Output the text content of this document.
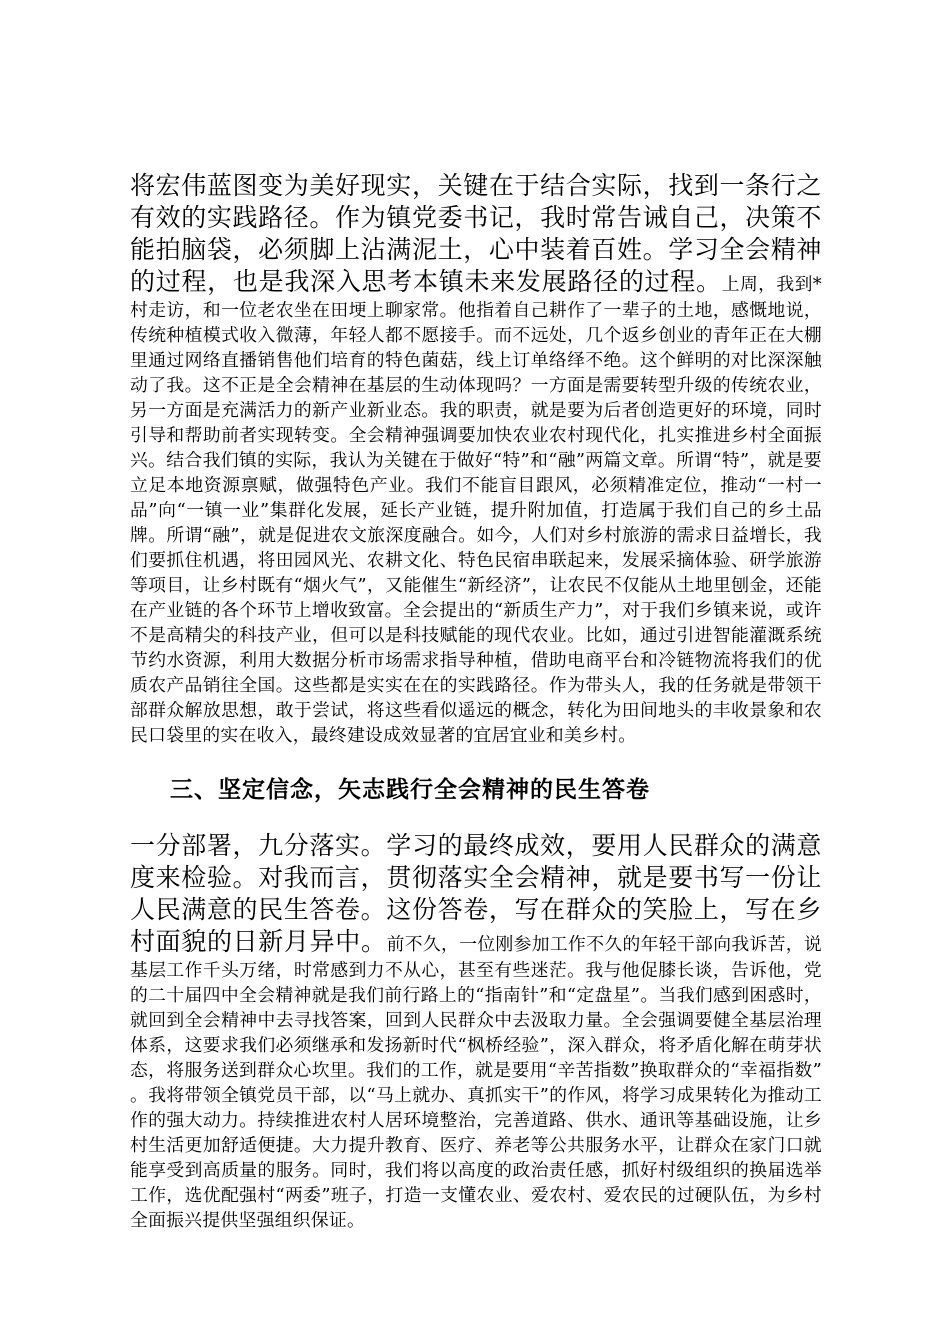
将宏伟蓝图变为美好现实，关键在于结合实际，找到一条行之有效的实践路径。作为镇党委书记，我时常告诫自己，决策不能拍脑袋，必须脚上沾满泥土，心中装着百姓。学习全会精神的过程，也是我深入思考本镇未来发展路径的过程。上周，我到*村走访，和一位老农坐在田埂上聊家常。他指着自己耕作了一辈子的土地，感慨地说，传统种植模式收入微薄，年轻人都不愿接手。而不远处，几个返乡创业的青年正在大棚里通过网络直播销售他们培育的特色菌菇，线上订单络绎不绝。这个鲜明的对比深深触动了我。这不正是全会精神在基层的生动体现吗？一方面是需要转型升级的传统农业，另一方面是充满活力的新产业新业态。我的职责，就是要为后者创造更好的环境，同时引导和帮助前者实现转变。全会精神强调要加快农业农村现代化，扎实推进乡村全面振兴。结合我们镇的实际，我认为关键在于做好“特”和“融”两篇文章。所谓“特”，就是要立足本地资源禀赋，做强特色产业。我们不能盲目跟风，必须精准定位，推动“一村一品”向“一镇一业”集群化发展，延长产业链，提升附加值，打造属于我们自己的乡土品牌。所谓“融”，就是促进农文旅深度融合。如今，人们对乡村旅游的需求日益增长，我们要抓住机遇，将田园风光、农耕文化、特色民宿串联起来，发展采摘体验、研学旅游等项目，让乡村既有“烟火气”，又能催生“新经济”，让农民不仅能从土地里刨金，还能在产业链的各个环节上增收致富。全会提出的“新质生产力”，对于我们乡镇来说，或许不是高精尖的科技产业，但可以是科技赋能的现代农业。比如，通过引进智能灌溉系统节约水资源，利用大数据分析市场需求指导种植，借助电商平台和冷链物流将我们的优质农产品销往全国。这些都是实实在在的实践路径。作为带头人，我的任务就是带领干部群众解放思想，敢于尝试，将这些看似遥远的概念，转化为田间地头的丰收景象和农民口袋里的实在收入，最终建设成效显著的宜居宜业和美乡村。

三、坚定信念，矢志践行全会精神的民生答卷

一分部署，九分落实。学习的最终成效，要用人民群众的满意度来检验。对我而言，贯彻落实全会精神，就是要书写一份让人民满意的民生答卷。这份答卷，写在群众的笑脸上，写在乡村面貌的日新月异中。前不久，一位刚参加工作不久的年轻干部向我诉苦，说基层工作千头万绪，时常感到力不从心，甚至有些迷茫。我与他促膝长谈，告诉他，党的二十届四中全会精神就是我们前行路上的“指南针”和“定盘星”。当我们感到困惑时，就回到全会精神中去寻找答案，回到人民群众中去汲取力量。全会强调要健全基层治理体系，这要求我们必须继承和发扬新时代“枫桥经验”，深入群众，将矛盾化解在萌芽状态，将服务送到群众心坎里。我们的工作，就是要用“辛苦指数”换取群众的“幸福指数”。我将带领全镇党员干部，以“马上就办、真抓实干”的作风，将学习成果转化为推动工作的强大动力。持续推进农村人居环境整治，完善道路、供水、通讯等基础设施，让乡村生活更加舒适便捷。大力提升教育、医疗、养老等公共服务水平，让群众在家门口就能享受到高质量的服务。同时，我们将以高度的政治责任感，抓好村级组织的换届选举工作，选优配强村“两委”班子，打造一支懂农业、爱农村、爱农民的过硬队伍，为乡村全面振兴提供坚强组织保证。
